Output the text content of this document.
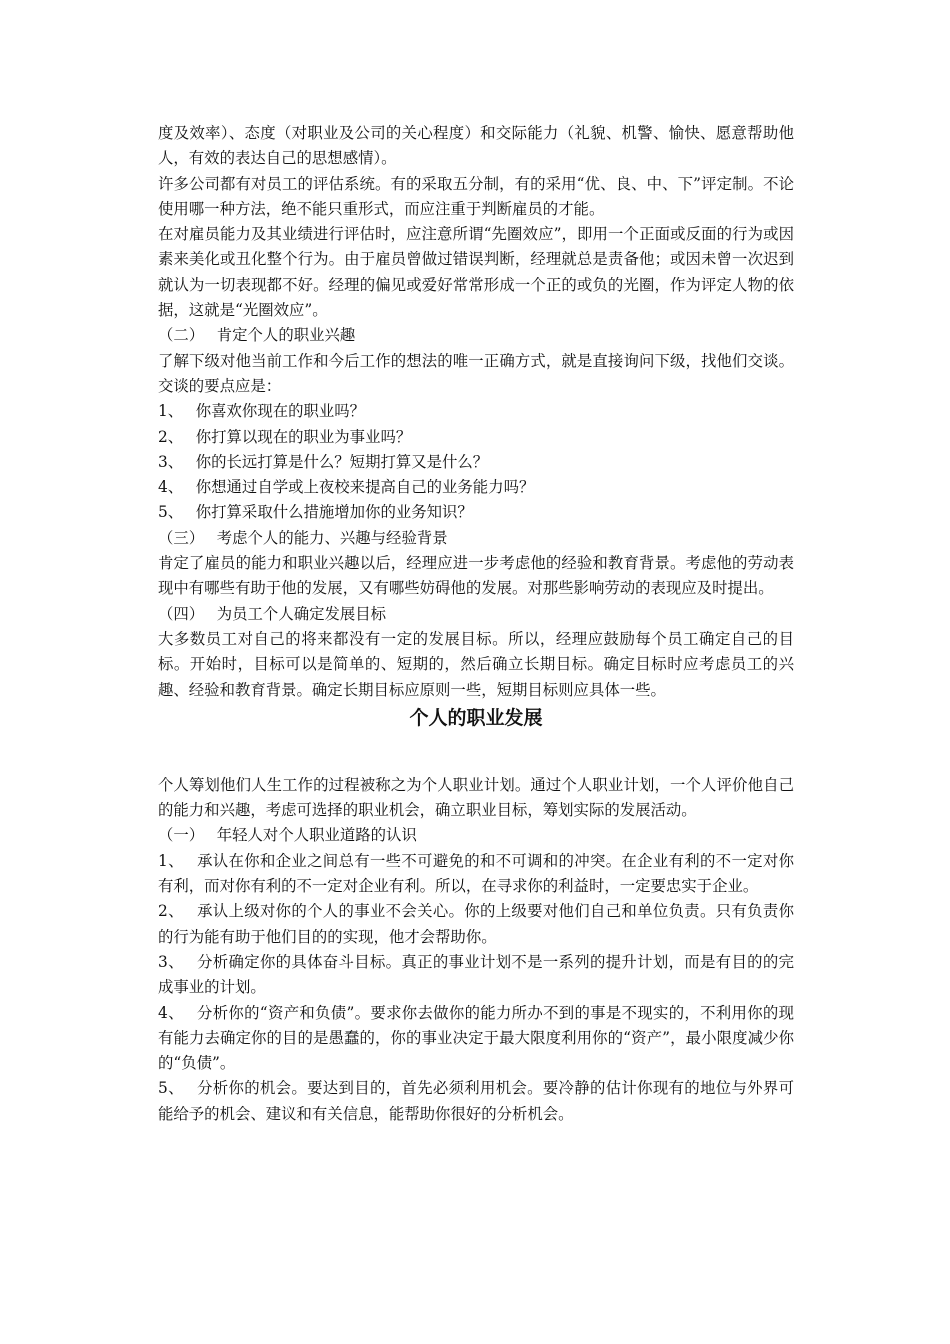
度及效率）、态度（对职业及公司的关心程度）和交际能力（礼貌、机警、愉快、愿意帮助他人，有效的表达自己的思想感情）。

许多公司都有对员工的评估系统。有的采取五分制，有的采用“优、良、中、下”评定制。不论使用哪一种方法，绝不能只重形式，而应注重于判断雇员的才能。

在对雇员能力及其业绩进行评估时，应注意所谓“先圈效应”，即用一个正面或反面的行为或因素来美化或丑化整个行为。由于雇员曾做过错误判断，经理就总是责备他；或因未曾一次迟到就认为一切表现都不好。经理的偏见或爱好常常形成一个正的或负的光圈，作为评定人物的依据，这就是“光圈效应”。

（二）　 肯定个人的职业兴趣

了解下级对他当前工作和今后工作的想法的唯一正确方式，就是直接询问下级，找他们交谈。交谈的要点应是：

1、　 你喜欢你现在的职业吗？

2、　 你打算以现在的职业为事业吗？

3、　 你的长远打算是什么？短期打算又是什么？

4、　 你想通过自学或上夜校来提高自己的业务能力吗？

5、　 你打算采取什么措施增加你的业务知识？

（三）　 考虑个人的能力、兴趣与经验背景

肯定了雇员的能力和职业兴趣以后，经理应进一步考虑他的经验和教育背景。考虑他的劳动表现中有哪些有助于他的发展，又有哪些妨碍他的发展。对那些影响劳动的表现应及时提出。

（四）　 为员工个人确定发展目标

大多数员工对自己的将来都没有一定的发展目标。所以，经理应鼓励每个员工确定自己的目标。开始时，目标可以是简单的、短期的，然后确立长期目标。确定目标时应考虑员工的兴趣、经验和教育背景。确定长期目标应原则一些，短期目标则应具体一些。

个人的职业发展

个人筹划他们人生工作的过程被称之为个人职业计划。通过个人职业计划，一个人评价他自己的能力和兴趣，考虑可选择的职业机会，确立职业目标，筹划实际的发展活动。

（一）　 年轻人对个人职业道路的认识

1、　 承认在你和企业之间总有一些不可避免的和不可调和的冲突。在企业有利的不一定对你有利，而对你有利的不一定对企业有利。所以，在寻求你的利益时，一定要忠实于企业。

2、　 承认上级对你的个人的事业不会关心。你的上级要对他们自己和单位负责。只有负责你的行为能有助于他们目的的实现，他才会帮助你。

3、　 分析确定你的具体奋斗目标。真正的事业计划不是一系列的提升计划，而是有目的的完成事业的计划。

4、　 分析你的“资产和负债”。要求你去做你的能力所办不到的事是不现实的，不利用你的现有能力去确定你的目的是愚蠢的，你的事业决定于最大限度利用你的“资产”，最小限度减少你的“负债”。

5、　 分析你的机会。要达到目的，首先必须利用机会。要冷静的估计你现有的地位与外界可能给予的机会、建议和有关信息，能帮助你很好的分析机会。
